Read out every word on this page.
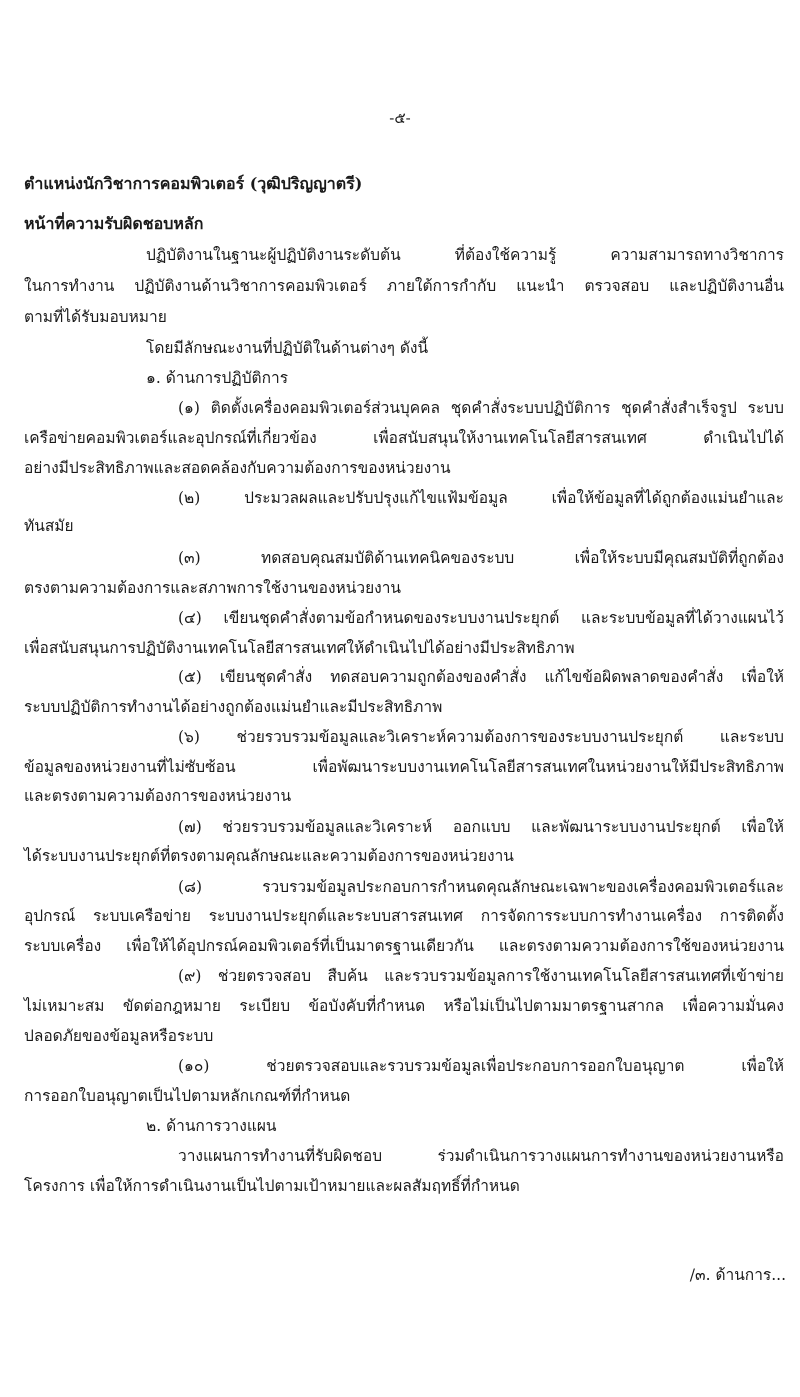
-๕-
ตำแหน่งนักวิชาการคอมพิวเตอร์ (วุฒิปริญญาตรี)
หน้าที่ความรับผิดชอบหลัก
ปฏิบัติงานในฐานะผู้ปฏิบัติงานระดับต้น ที่ต้องใช้ความรู้ ความสามารถทางวิชาการ
ในการทำงาน ปฏิบัติงานด้านวิชาการคอมพิวเตอร์ ภายใต้การกำกับ แนะนำ ตรวจสอบ และปฏิบัติงานอื่น
ตามที่ได้รับมอบหมาย
โดยมีลักษณะงานที่ปฏิบัติในด้านต่างๆ ดังนี้
๑. ด้านการปฏิบัติการ
(๑) ติดตั้งเครื่องคอมพิวเตอร์ส่วนบุคคล ชุดคำสั่งระบบปฏิบัติการ ชุดคำสั่งสำเร็จรูป ระบบ
เครือข่ายคอมพิวเตอร์และอุปกรณ์ที่เกี่ยวข้อง เพื่อสนับสนุนให้งานเทคโนโลยีสารสนเทศ ดำเนินไปได้
อย่างมีประสิทธิภาพและสอดคล้องกับความต้องการของหน่วยงาน
(๒) ประมวลผลและปรับปรุงแก้ไขแฟ้มข้อมูล เพื่อให้ข้อมูลที่ได้ถูกต้องแม่นยำและ
ทันสมัย
(๓) ทดสอบคุณสมบัติด้านเทคนิคของระบบ เพื่อให้ระบบมีคุณสมบัติที่ถูกต้อง
ตรงตามความต้องการและสภาพการใช้งานของหน่วยงาน
(๔) เขียนชุดคำสั่งตามข้อกำหนดของระบบงานประยุกต์ และระบบข้อมูลที่ได้วางแผนไว้
เพื่อสนับสนุนการปฏิบัติงานเทคโนโลยีสารสนเทศให้ดำเนินไปได้อย่างมีประสิทธิภาพ
(๕) เขียนชุดคำสั่ง ทดสอบความถูกต้องของคำสั่ง แก้ไขข้อผิดพลาดของคำสั่ง เพื่อให้
ระบบปฏิบัติการทำงานได้อย่างถูกต้องแม่นยำและมีประสิทธิภาพ
(๖) ช่วยรวบรวมข้อมูลและวิเคราะห์ความต้องการของระบบงานประยุกต์ และระบบ
ข้อมูลของหน่วยงานที่ไม่ซับซ้อน เพื่อพัฒนาระบบงานเทคโนโลยีสารสนเทศในหน่วยงานให้มีประสิทธิภาพ
และตรงตามความต้องการของหน่วยงาน
(๗) ช่วยรวบรวมข้อมูลและวิเคราะห์ ออกแบบ และพัฒนาระบบงานประยุกต์ เพื่อให้
ได้ระบบงานประยุกต์ที่ตรงตามคุณลักษณะและความต้องการของหน่วยงาน
(๘) รวบรวมข้อมูลประกอบการกำหนดคุณลักษณะเฉพาะของเครื่องคอมพิวเตอร์และ
อุปกรณ์ ระบบเครือข่าย ระบบงานประยุกต์และระบบสารสนเทศ การจัดการระบบการทำงานเครื่อง การติดตั้ง
ระบบเครื่อง เพื่อให้ได้อุปกรณ์คอมพิวเตอร์ที่เป็นมาตรฐานเดียวกัน และตรงตามความต้องการใช้ของหน่วยงาน
(๙) ช่วยตรวจสอบ สืบค้น และรวบรวมข้อมูลการใช้งานเทคโนโลยีสารสนเทศที่เข้าข่าย
ไม่เหมาะสม ขัดต่อกฎหมาย ระเบียบ ข้อบังคับที่กำหนด หรือไม่เป็นไปตามมาตรฐานสากล เพื่อความมั่นคง
ปลอดภัยของข้อมูลหรือระบบ
(๑๐) ช่วยตรวจสอบและรวบรวมข้อมูลเพื่อประกอบการออกใบอนุญาต เพื่อให้
การออกใบอนุญาตเป็นไปตามหลักเกณฑ์ที่กำหนด
๒. ด้านการวางแผน
วางแผนการทำงานที่รับผิดชอบ ร่วมดำเนินการวางแผนการทำงานของหน่วยงานหรือ
โครงการ เพื่อให้การดำเนินงานเป็นไปตามเป้าหมายและผลสัมฤทธิ์ที่กำหนด
/๓. ด้านการ...
